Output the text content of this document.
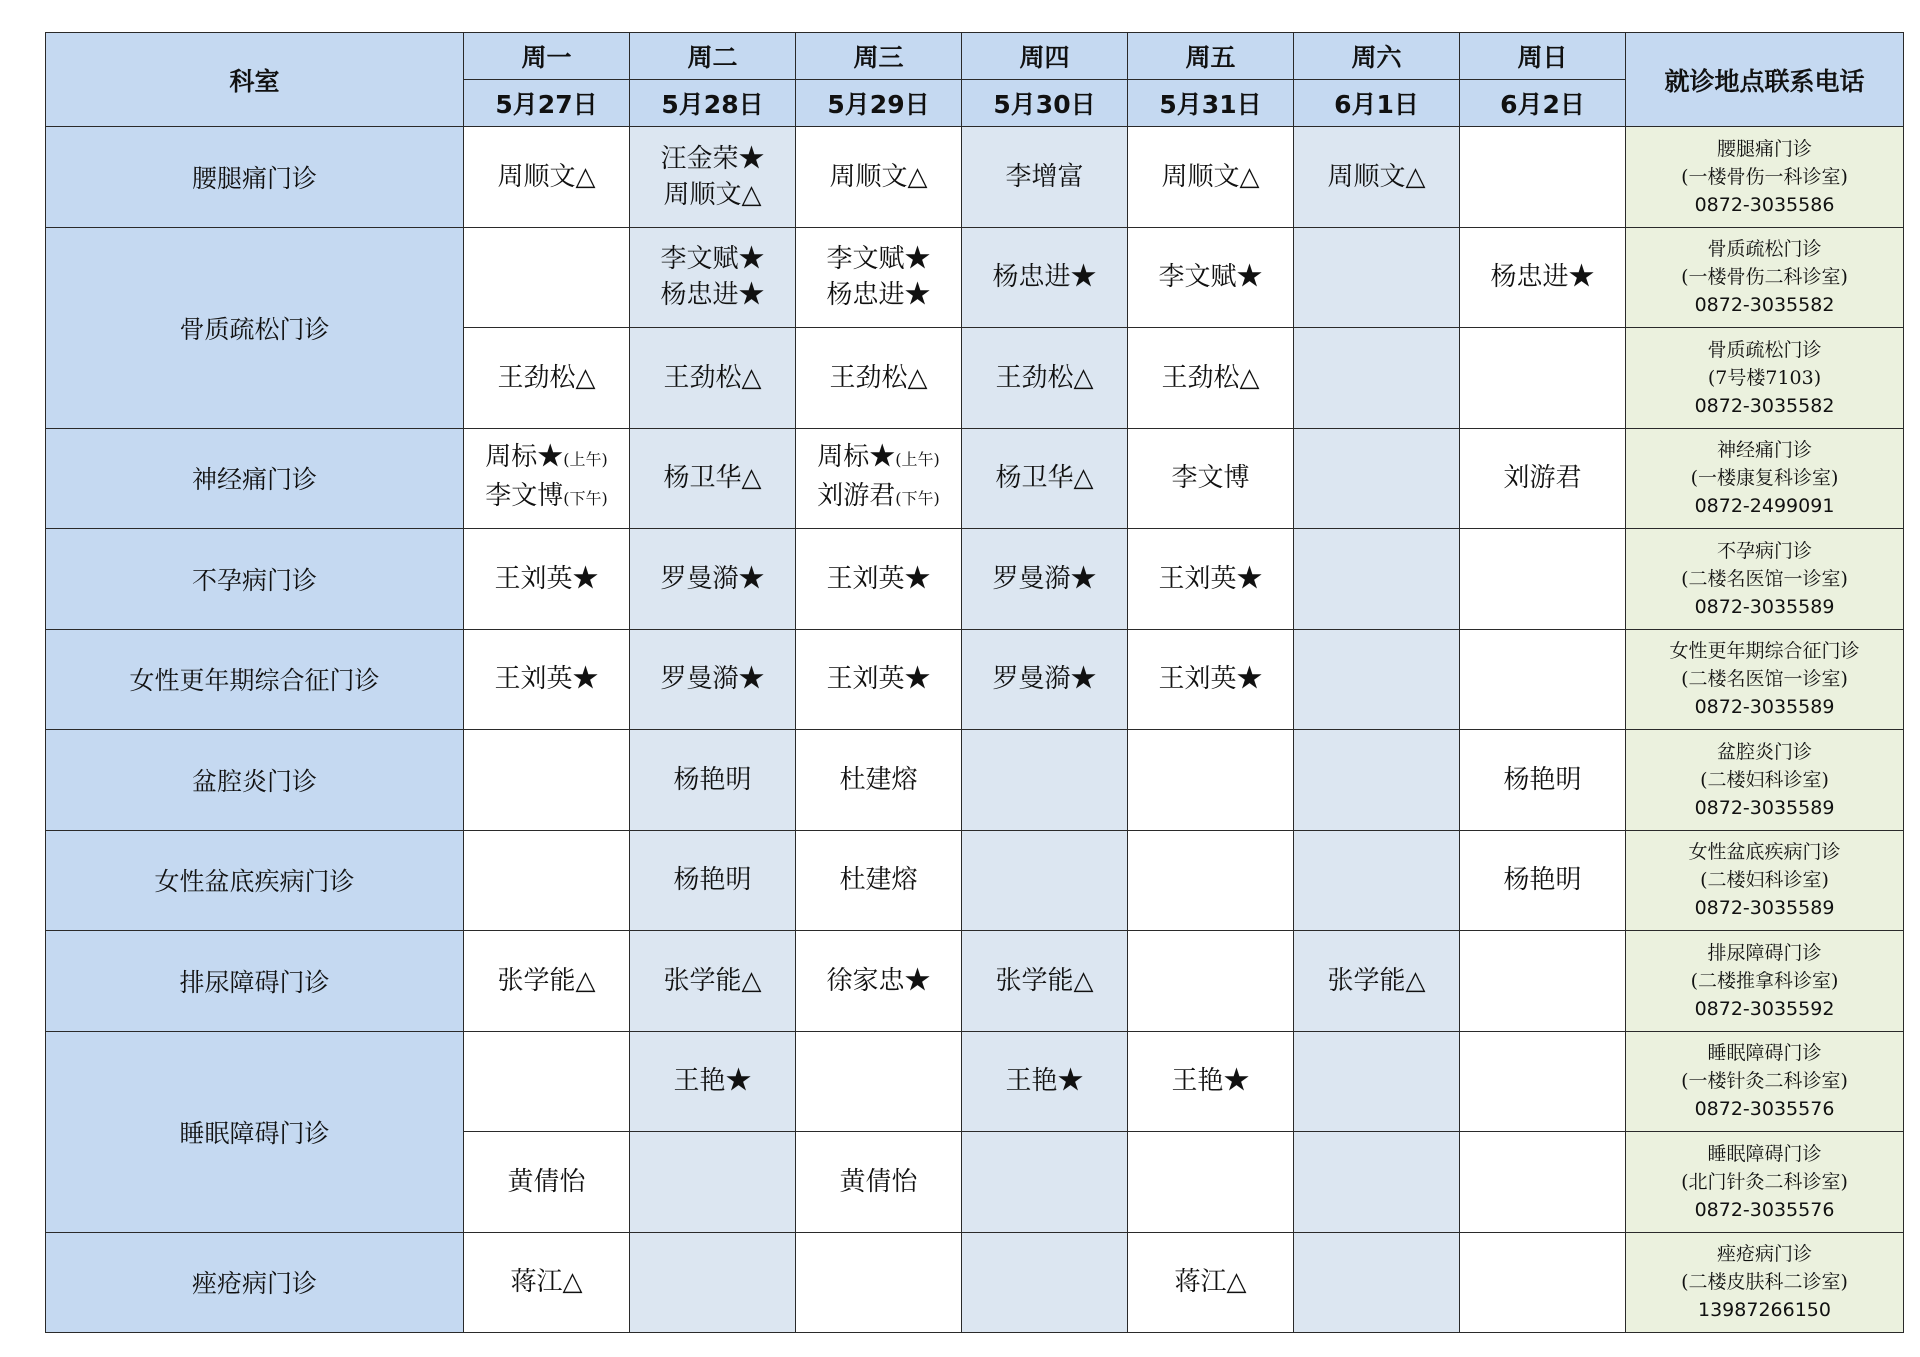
科室	周一	周二	周三	周四	周五	周六	周日	就诊地点联系电话
	5月27日	5月28日	5月29日	5月30日	5月31日	6月1日	6月2日	
腰腿痛门诊	周顺文△	汪金荣★
周顺文△	周顺文△	李增富	周顺文△	周顺文△		腰腿痛门诊
(一楼骨伤一科诊室)
0872-3035586

骨质疏松门诊		李文赋★
杨忠进★	李文赋★
杨忠进★	杨忠进★	李文赋★		杨忠进★	骨质疏松门诊
(一楼骨伤二科诊室)
0872-3035582

	王劲松△	王劲松△	王劲松△	王劲松△	王劲松△			骨质疏松门诊
(7号楼7103)
0872-3035582

神经痛门诊	周标★(上午)
李文博(下午)	杨卫华△	周标★(上午)
刘游君(下午)	杨卫华△	李文博		刘游君	神经痛门诊
(一楼康复科诊室)
0872-2499091

不孕病门诊	王刘英★	罗曼漪★	王刘英★	罗曼漪★	王刘英★			不孕病门诊
(二楼名医馆一诊室)
0872-3035589

女性更年期综合征门诊	王刘英★	罗曼漪★	王刘英★	罗曼漪★	王刘英★			女性更年期综合征门诊
(二楼名医馆一诊室)
0872-3035589

盆腔炎门诊		杨艳明	杜建熔				杨艳明	盆腔炎门诊
(二楼妇科诊室)
0872-3035589

女性盆底疾病门诊		杨艳明	杜建熔				杨艳明	女性盆底疾病门诊
(二楼妇科诊室)
0872-3035589

排尿障碍门诊	张学能△	张学能△	徐家忠★	张学能△		张学能△		排尿障碍门诊
(二楼推拿科诊室)
0872-3035592

睡眠障碍门诊		王艳★		王艳★	王艳★			睡眠障碍门诊
(一楼针灸二科诊室)
0872-3035576

	黄倩怡		黄倩怡					睡眠障碍门诊
(北门针灸二科诊室)
0872-3035576

痤疮病门诊	蒋江△				蒋江△			痤疮病门诊
(二楼皮肤科二诊室)
13987266150
